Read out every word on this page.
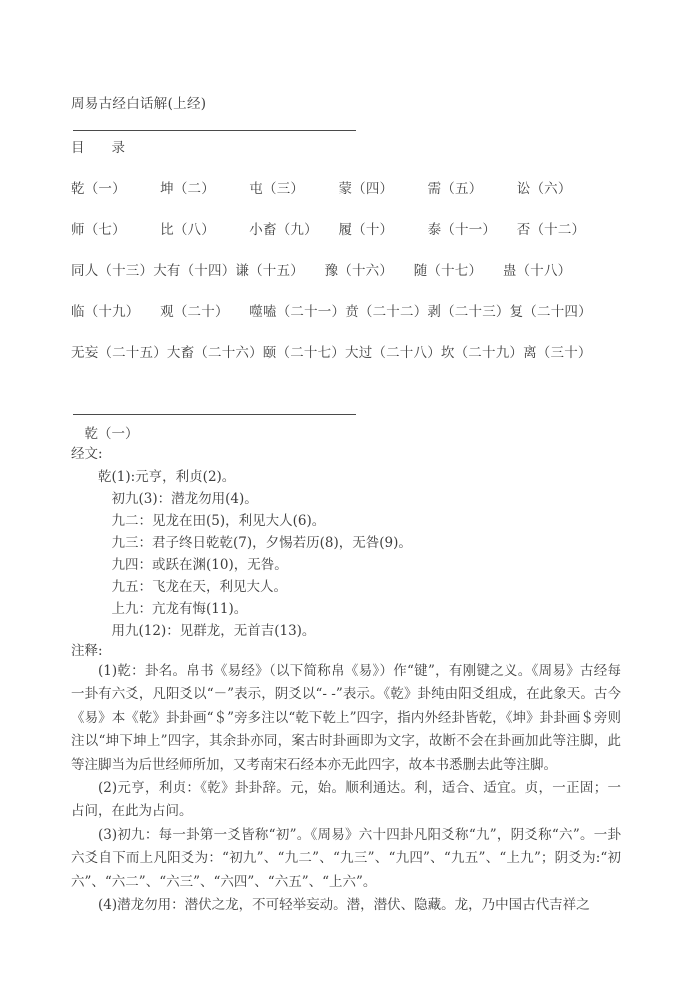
周易古经白话解(上经)
目　　录
乾（一）　　　坤（二）　　　屯（三）　　　蒙（四）　　　需（五）　　　讼（六）
师（七）　　　比（八）　　　小畜（九）　　履（十）　　　泰（十一）　　否（十二）
同人（十三）大有（十四）谦（十五）　　豫（十六）　　随（十七）　　蛊（十八）
临（十九）　　观（二十）　　噬嗑（二十一）贲（二十二）剥（二十三）复（二十四）
无妄（二十五）大畜（二十六）颐（二十七）大过（二十八）坎（二十九）离（三十）
　乾（一）
经文:
　　乾(1):元亨，利贞(2)。
　　　初九(3)：潜龙勿用(4)。
　　　九二：见龙在田(5)，利见大人(6)。
　　　九三：君子终日乾乾(7)，夕惕若历(8)，无咎(9)。
　　　九四：或跃在渊(10)，无咎。
　　　九五：飞龙在天，利见大人。
　　　上九：亢龙有悔(11)。
　　　用九(12)：见群龙，无首吉(13)。
注释:

(1)乾：卦名。帛书《易经》（以下简称帛《易》）作“键”，有刚键之义。《周易》古经每一卦有六爻，凡阳爻以“－”表示，阴爻以“- -”表示。《乾》卦纯由阳爻组成，在此象天。古今《易》本《乾》卦卦画“＄”旁多注以“乾下乾上”四字，指内外经卦皆乾，《坤》卦卦画＄旁则注以“坤下坤上”四字，其余卦亦同，案古时卦画即为文字，故断不会在卦画加此等注脚，此等注脚当为后世经师所加，又考南宋石经本亦无此四字，故本书悉删去此等注脚。

(2)元亨，利贞：《乾》卦卦辞。元，始。顺利通达。利，适合、适宜。贞，一正固；一占问，在此为占问。

(3)初九：每一卦第一爻皆称“初”。《周易》六十四卦凡阳爻称“九”，阴爻称“六”。一卦六爻自下而上凡阳爻为：“初九”、“九二”、“九三”、“九四”、“九五”、“上九”；阴爻为:“初六”、“六二”、“六三”、“六四”、“六五”、“上六”。

(4)潜龙勿用：潜伏之龙，不可轻举妄动。潜，潜伏、隐藏。龙，乃中国古代吉祥之
